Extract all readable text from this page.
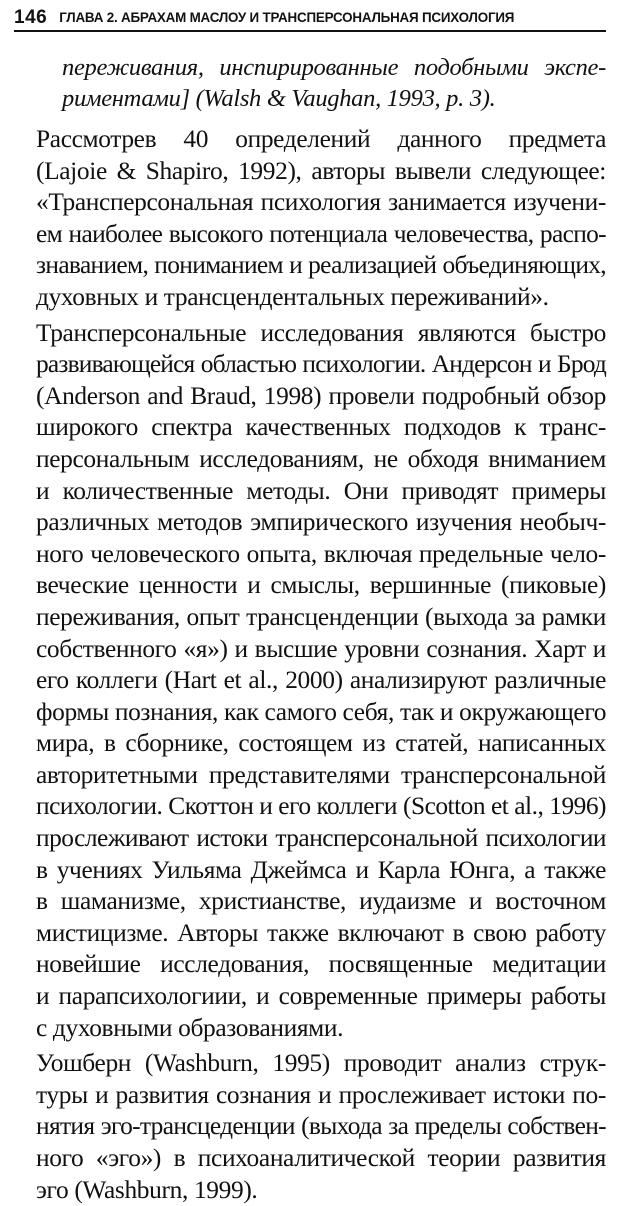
146 ГЛАВА 2. АБРАХАМ МАСЛОУ И ТРАНСПЕРСОНАЛЬНАЯ ПСИХОЛОГИЯ

переживания, инспирированные подобными экспе-
риментами] (Walsh & Vaughan, 1993, p. 3).

Рассмотрев 40 определений данного предмета
(Lajoie & Shapiro, 1992), авторы вывели следующее:
«Трансперсональная психология занимается изучени-
ем наиболее высокого потенциала человечества, распо-
знаванием, пониманием и реализацией объединяющих,
духовных и трансцендентальных переживаний».

Трансперсональные исследования являются быстро
развивающейся областью психологии. Андерсон и Брод
(Anderson and Braud, 1998) провели подробный обзор
широкого спектра качественных подходов к транс-
персональным исследованиям, не обходя вниманием
и количественные методы. Они приводят примеры
различных методов эмпирического изучения необыч-
ного человеческого опыта, включая предельные чело-
веческие ценности и смыслы, вершинные (пиковые)
переживания, опыт трансценденции (выхода за рамки
собственного «я») и высшие уровни сознания. Харт и
его коллеги (Hart et al., 2000) анализируют различные
формы познания, как самого себя, так и окружающего
мира, в сборнике, состоящем из статей, написанных
авторитетными представителями трансперсональной
психологии. Скоттон и его коллеги (Scotton et al., 1996)
прослеживают истоки трансперсональной психологии
в учениях Уильяма Джеймса и Карла Юнга, а также
в шаманизме, христианстве, иудаизме и восточном
мистицизме. Авторы также включают в свою работу
новейшие исследования, посвященные медитации
и парапсихологиии, и современные примеры работы
с духовными образованиями.

Уошберн (Washburn, 1995) проводит анализ струк-
туры и развития сознания и прослеживает истоки по-
нятия эго-трансцеденции (выхода за пределы собствен-
ного «эго») в психоаналитической теории развития
эго (Washburn, 1999).
